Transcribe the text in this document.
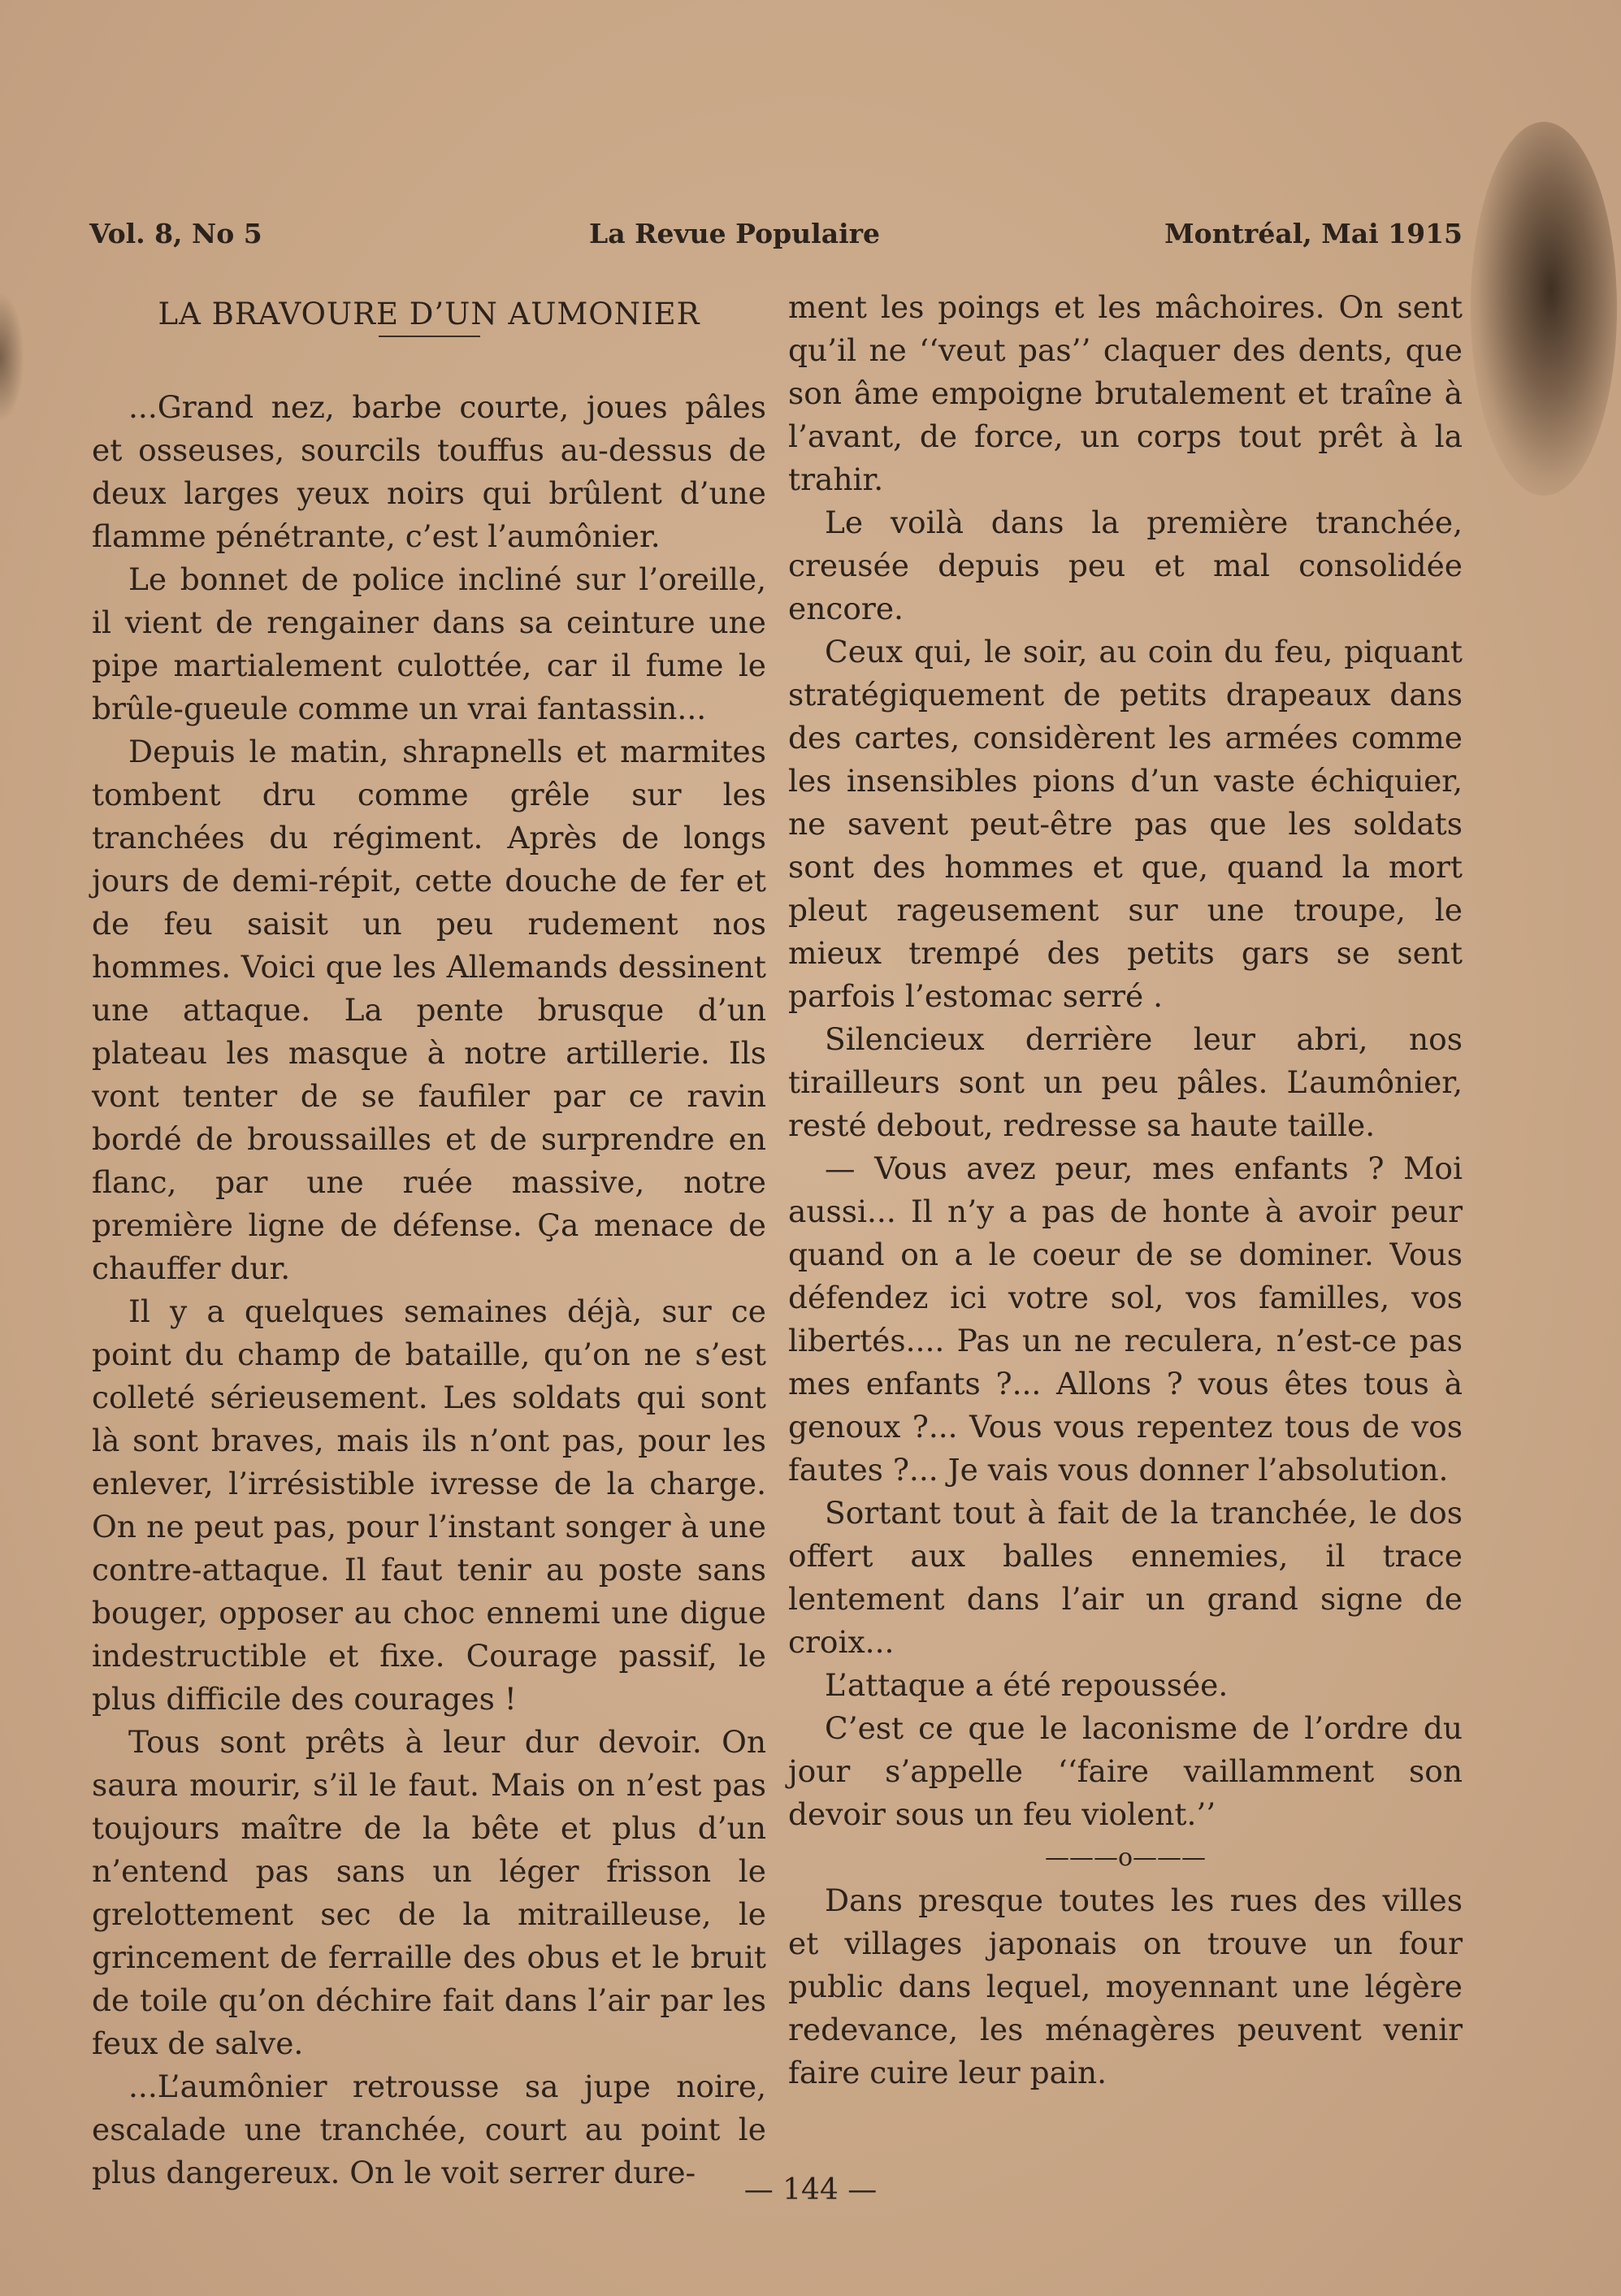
Vol. 8, No 5	La Revue Populaire	Montréal, Mai 1915

LA BRAVOURE D’UN AUMONIER

...Grand nez, barbe courte, joues pâles et osseuses, sourcils touffus au-dessus de deux larges yeux noirs qui brûlent d’une flamme pénétrante, c’est l’aumônier.

Le bonnet de police incliné sur l’oreille, il vient de rengainer dans sa ceinture une pipe martialement culottée, car il fume le brûle-gueule comme un vrai fantassin...

Depuis le matin, shrapnells et marmites tombent dru comme grêle sur les tranchées du régiment. Après de longs jours de demi-répit, cette douche de fer et de feu saisit un peu rudement nos hommes. Voici que les Allemands dessinent une attaque. La pente brusque d’un plateau les masque à notre artillerie. Ils vont tenter de se faufiler par ce ravin bordé de broussailles et de surprendre en flanc, par une ruée massive, notre première ligne de défense. Ça menace de chauffer dur.

Il y a quelques semaines déjà, sur ce point du champ de bataille, qu’on ne s’est colleté sérieusement. Les soldats qui sont là sont braves, mais ils n’ont pas, pour les enlever, l’irrésistible ivresse de la charge. On ne peut pas, pour l’instant songer à une contre-attaque. Il faut tenir au poste sans bouger, opposer au choc ennemi une digue indestructible et fixe. Courage passif, le plus difficile des courages !

Tous sont prêts à leur dur devoir. On saura mourir, s’il le faut. Mais on n’est pas toujours maître de la bête et plus d’un n’entend pas sans un léger frisson le grelottement sec de la mitrailleuse, le grincement de ferraille des obus et le bruit de toile qu’on déchire fait dans l’air par les feux de salve.

...L’aumônier retrousse sa jupe noire, escalade une tranchée, court au point le plus dangereux. On le voit serrer dure-

ment les poings et les mâchoires. On sent qu’il ne ‘‘veut pas’’ claquer des dents, que son âme empoigne brutalement et traîne à l’avant, de force, un corps tout prêt à la trahir.

Le voilà dans la première tranchée, creusée depuis peu et mal consolidée encore.

Ceux qui, le soir, au coin du feu, piquant stratégiquement de petits drapeaux dans des cartes, considèrent les armées comme les insensibles pions d’un vaste échiquier, ne savent peut-être pas que les soldats sont des hommes et que, quand la mort pleut rageusement sur une troupe, le mieux trempé des petits gars se sent parfois l’estomac serré .

Silencieux derrière leur abri, nos tirailleurs sont un peu pâles. L’aumônier, resté debout, redresse sa haute taille.

— Vous avez peur, mes enfants ? Moi aussi... Il n’y a pas de honte à avoir peur quand on a le coeur de se dominer. Vous défendez ici votre sol, vos familles, vos libertés.... Pas un ne reculera, n’est-ce pas mes enfants ?... Allons ? vous êtes tous à genoux ?... Vous vous repentez tous de vos fautes ?... Je vais vous donner l’absolution.

Sortant tout à fait de la tranchée, le dos offert aux balles ennemies, il trace lentement dans l’air un grand signe de croix...

L’attaque a été repoussée.

C’est ce que le laconisme de l’ordre du jour s’appelle ‘‘faire vaillamment son devoir sous un feu violent.’’

———o———

Dans presque toutes les rues des villes et villages japonais on trouve un four public dans lequel, moyennant une légère redevance, les ménagères peuvent venir faire cuire leur pain.

— 144 —
